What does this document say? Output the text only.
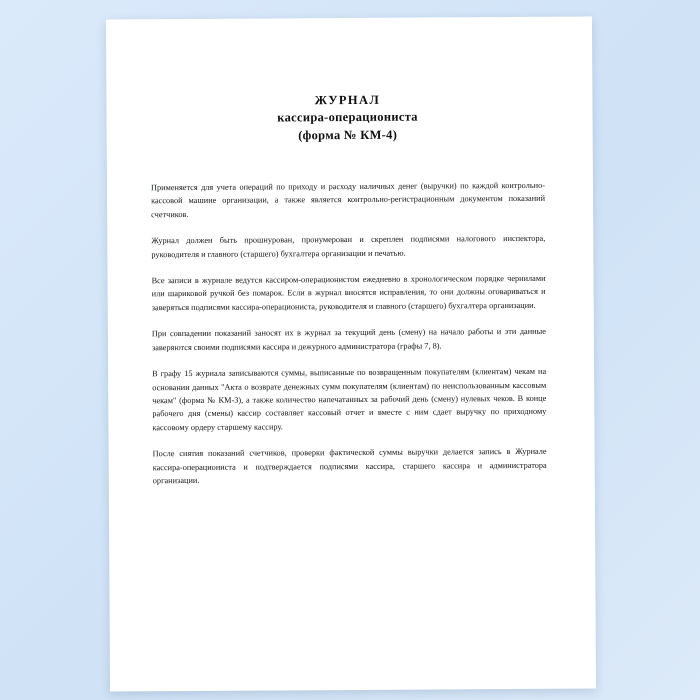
ЖУРНАЛ
кассира-операциониста
(форма № КМ-4)

Применяется для учета операций по приходу и расходу наличных денег (выручки) по каждой контрольно-кассовой машине организации, а также является контрольно-регистрационным документом показаний счетчиков.

Журнал должен быть прошнурован, пронумерован и скреплен подписями налогового инспектора, руководителя и главного (старшего) бухгалтера организации и печатью.

Все записи в журнале ведутся кассиром-операционистом ежедневно в хронологическом порядке чернилами или шариковой ручкой без помарок. Если в журнал вносятся исправления, то они должны оговариваться и заверяться подписями кассира-операциониста, руководителя и главного (старшего) бухгалтера организации.

При совпадении показаний заносят их в журнал за текущий день (смену) на начало работы и эти данные заверяются своими подписями кассира и дежурного администратора (графы 7, 8).

В графу 15 журнала записываются суммы, выписанные по возвращенным покупателям (клиентам) чекам на основании данных "Акта о возврате денежных сумм покупателям (клиентам) по неиспользованным кассовым чекам" (форма № КМ-3), а также количество напечатанных за рабочий день (смену) нулевых чеков. В конце рабочего дня (смены) кассир составляет кассовый отчет и вместе с ним сдает выручку по приходному кассовому ордеру старшему кассиру.

После снятия показаний счетчиков, проверки фактической суммы выручки делается запись в Журнале кассира-операциониста и подтверждается подписями кассира, старшего кассира и администратора организации.
